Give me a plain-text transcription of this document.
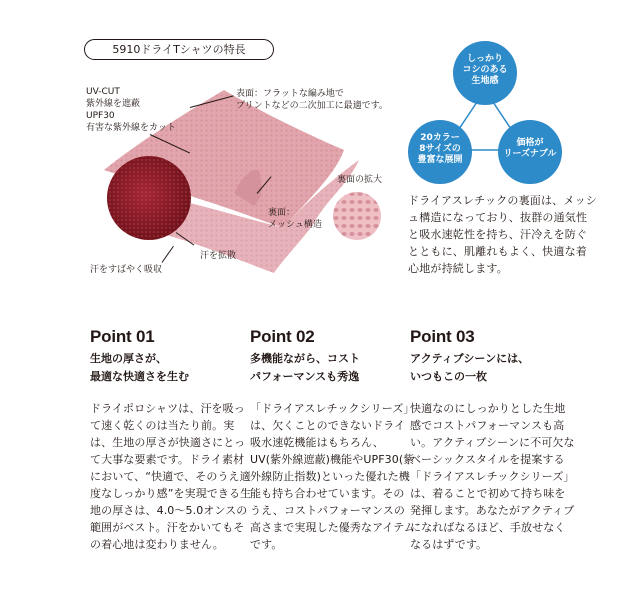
5910ドライTシャツの特長
UV-CUT
紫外線を遮蔽
UPF30
有害な紫外線をカット
表面：フラットな編み地で
プリントなどの二次加工に最適です。
裏面の拡大
裏面：
メッシュ構造
汗を拡散
汗をすばやく吸収
しっかり
コシのある
生地感
20カラー
8サイズの
豊富な展開
価格が
リーズナブル
ドライアスレチックの裏面は、メッシュ構造になっており、抜群の通気性と吸水速乾性を持ち、汗冷えを防ぐとともに、肌離れもよく、快適な着心地が持続します。
Point 01
生地の厚さが、
最適な快適さを生む

ドライポロシャツは、汗を吸って速く乾くのは当たり前。実は、生地の厚さが快適さにとって大事な要素です。ドライ素材において、“快適で、そのうえ適度なしっかり感”を実現できる生地の厚さは、4.0〜5.0オンスの範囲がベスト。汗をかいてもその着心地は変わりません。

Point 02
多機能ながら、コスト
パフォーマンスも秀逸

「ドライアスレチックシリーズ」は、欠くことのできないドライ吸水速乾機能はもちろん、UV(紫外線遮蔽)機能やUPF30(紫外線防止指数)といった優れた機能も持ち合わせています。そのうえ、コストパフォーマンスの高さまで実現した優秀なアイテムです。

Point 03
アクティブシーンには、
いつもこの一枚

快適なのにしっかりとした生地感でコストパフォーマンスも高い。アクティブシーンに不可欠なベーシックスタイルを提案する「ドライアスレチックシリーズ」は、着ることで初めて持ち味を発揮します。あなたがアクティブになればなるほど、手放せなくなるはずです。
